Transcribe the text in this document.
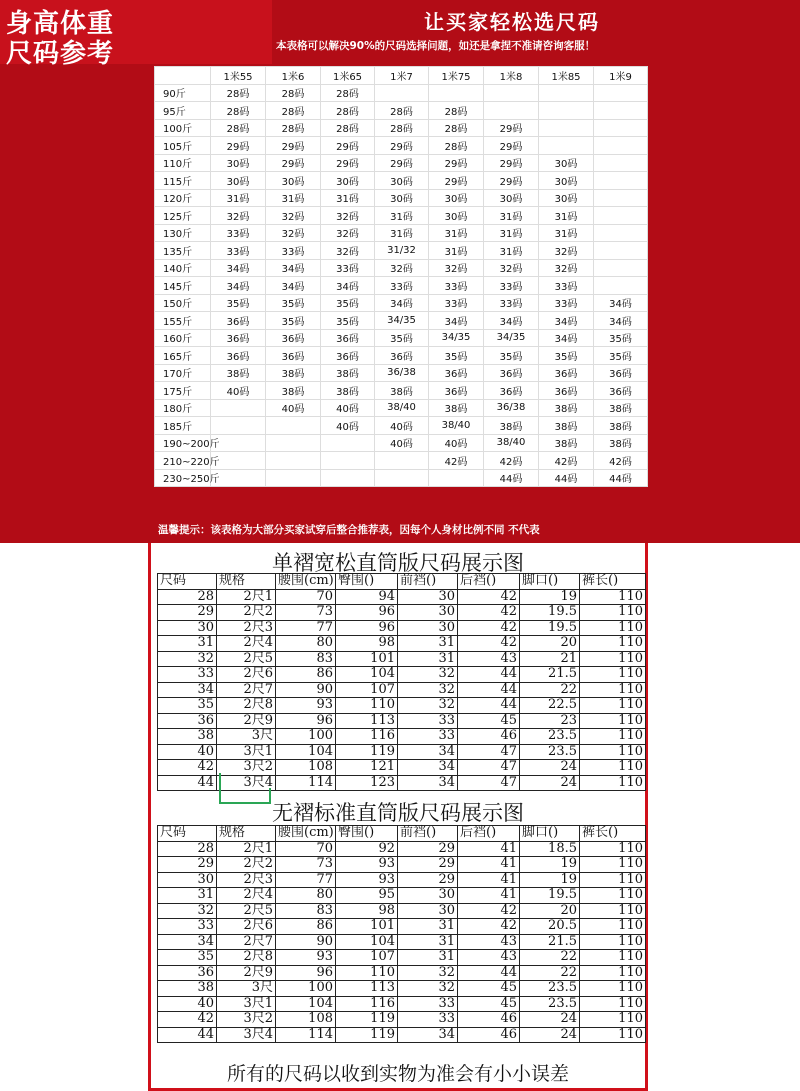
身高体重
尺码参考
让买家轻松选尺码
本表格可以解决90%的尺码选择问题，如还是拿捏不准请咨询客服！
	1米55	1米6	1米65	1米7	1米75	1米8	1米85	1米9
90斤	28码	28码	28码					
95斤	28码	28码	28码	28码	28码			
100斤	28码	28码	28码	28码	28码	29码		
105斤	29码	29码	29码	29码	28码	29码		
110斤	30码	29码	29码	29码	29码	29码	30码	
115斤	30码	30码	30码	30码	29码	29码	30码	
120斤	31码	31码	31码	30码	30码	30码	30码	
125斤	32码	32码	32码	31码	30码	31码	31码	
130斤	33码	32码	32码	31码	31码	31码	31码	
135斤	33码	33码	32码	31/32	31码	31码	32码	
140斤	34码	34码	33码	32码	32码	32码	32码	
145斤	34码	34码	34码	33码	33码	33码	33码	
150斤	35码	35码	35码	34码	33码	33码	33码	34码
155斤	36码	35码	35码	34/35	34码	34码	34码	34码
160斤	36码	36码	36码	35码	34/35	34/35	34码	35码
165斤	36码	36码	36码	36码	35码	35码	35码	35码
170斤	38码	38码	38码	36/38	36码	36码	36码	36码
175斤	40码	38码	38码	38码	36码	36码	36码	36码
180斤		40码	40码	38/40	38码	36/38	38码	38码
185斤			40码	40码	38/40	38码	38码	38码
190~200斤				40码	40码	38/40	38码	38码
210~220斤					42码	42码	42码	42码
230~250斤						44码	44码	44码
温馨提示：该表格为大部分买家试穿后整合推荐表，因每个人身材比例不同 不代表
单褶宽松直筒版尺码展示图
尺码	规格	腰围(cm)	臀围()	前裆()	后裆()	脚口()	裤长()
28	2尺1	70	94	30	42	19	110
29	2尺2	73	96	30	42	19.5	110
30	2尺3	77	96	30	42	19.5	110
31	2尺4	80	98	31	42	20	110
32	2尺5	83	101	31	43	21	110
33	2尺6	86	104	32	44	21.5	110
34	2尺7	90	107	32	44	22	110
35	2尺8	93	110	32	44	22.5	110
36	2尺9	96	113	33	45	23	110
38	3尺	100	116	33	46	23.5	110
40	3尺1	104	119	34	47	23.5	110
42	3尺2	108	121	34	47	24	110
44	3尺4	114	123	34	47	24	110
无褶标准直筒版尺码展示图
尺码	规格	腰围(cm)	臀围()	前裆()	后裆()	脚口()	裤长()
28	2尺1	70	92	29	41	18.5	110
29	2尺2	73	93	29	41	19	110
30	2尺3	77	93	29	41	19	110
31	2尺4	80	95	30	41	19.5	110
32	2尺5	83	98	30	42	20	110
33	2尺6	86	101	31	42	20.5	110
34	2尺7	90	104	31	43	21.5	110
35	2尺8	93	107	31	43	22	110
36	2尺9	96	110	32	44	22	110
38	3尺	100	113	32	45	23.5	110
40	3尺1	104	116	33	45	23.5	110
42	3尺2	108	119	33	46	24	110
44	3尺4	114	119	34	46	24	110
所有的尺码以收到实物为准会有小小误差
